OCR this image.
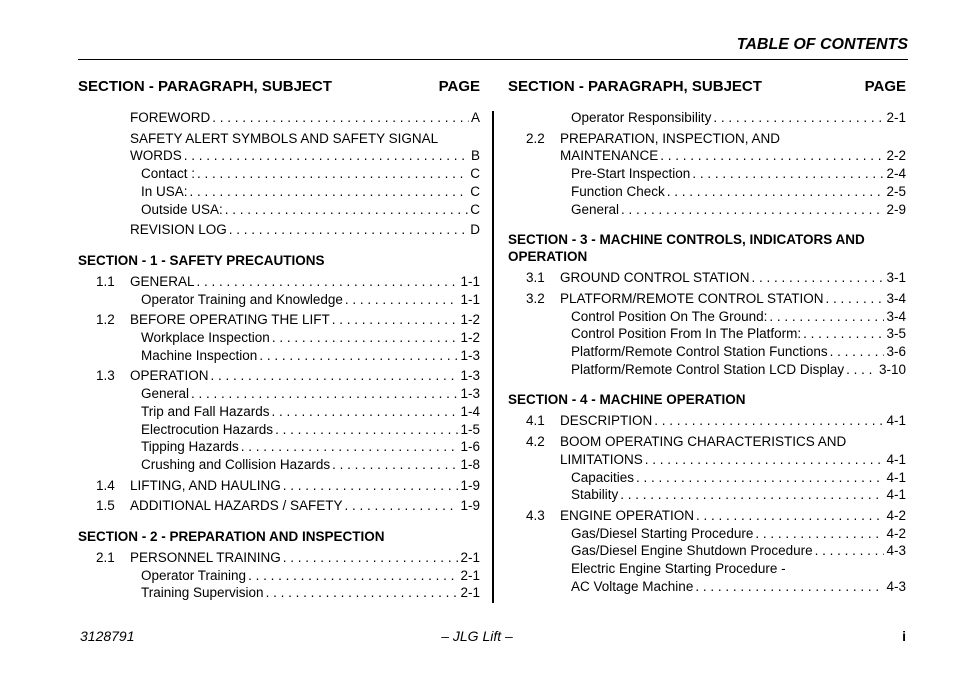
TABLE OF CONTENTS
SECTION - PARAGRAPH, SUBJECT	PAGE
FOREWORD . . .	A
SAFETY ALERT SYMBOLS AND SAFETY SIGNAL
WORDS . . .	B
Contact : . . .	C
In USA: . . .	C
Outside USA: . . .	C
REVISION LOG . . .	D
SECTION - 1 - SAFETY PRECAUTIONS
1.1 GENERAL . . .	1-1
Operator Training and Knowledge . . .	1-1
1.2 BEFORE OPERATING THE LIFT . . .	1-2
Workplace Inspection . . .	1-2
Machine Inspection . . .	1-3
1.3 OPERATION . . .	1-3
General . . .	1-3
Trip and Fall Hazards . . .	1-4
Electrocution Hazards . . .	1-5
Tipping Hazards . . .	1-6
Crushing and Collision Hazards . . .	1-8
1.4 LIFTING, AND HAULING . . .	1-9
1.5 ADDITIONAL HAZARDS / SAFETY . . .	1-9
SECTION - 2 - PREPARATION AND INSPECTION
2.1 PERSONNEL TRAINING . . .	2-1
Operator Training . . .	2-1
Training Supervision . . .	2-1
SECTION - PARAGRAPH, SUBJECT	PAGE
Operator Responsibility . . .	2-1
2.2 PREPARATION, INSPECTION, AND
MAINTENANCE . . .	2-2
Pre-Start Inspection . . .	2-4
Function Check . . .	2-5
General . . .	2-9
SECTION - 3 - MACHINE CONTROLS, INDICATORS AND OPERATION
3.1 GROUND CONTROL STATION . . .	3-1
3.2 PLATFORM/REMOTE CONTROL STATION . . .	3-4
Control Position On The Ground: . . .	3-4
Control Position From In The Platform: . . .	3-5
Platform/Remote Control Station Functions . . .	3-6
Platform/Remote Control Station LCD Display . . .	3-10
SECTION - 4 - MACHINE OPERATION
4.1 DESCRIPTION . . .	4-1
4.2 BOOM OPERATING CHARACTERISTICS AND
LIMITATIONS . . .	4-1
Capacities . . .	4-1
Stability . . .	4-1
4.3 ENGINE OPERATION . . .	4-2
Gas/Diesel Starting Procedure . . .	4-2
Gas/Diesel Engine Shutdown Procedure . . .	4-3
Electric Engine Starting Procedure -
AC Voltage Machine . . .	4-3
3128791	– JLG Lift –	i
